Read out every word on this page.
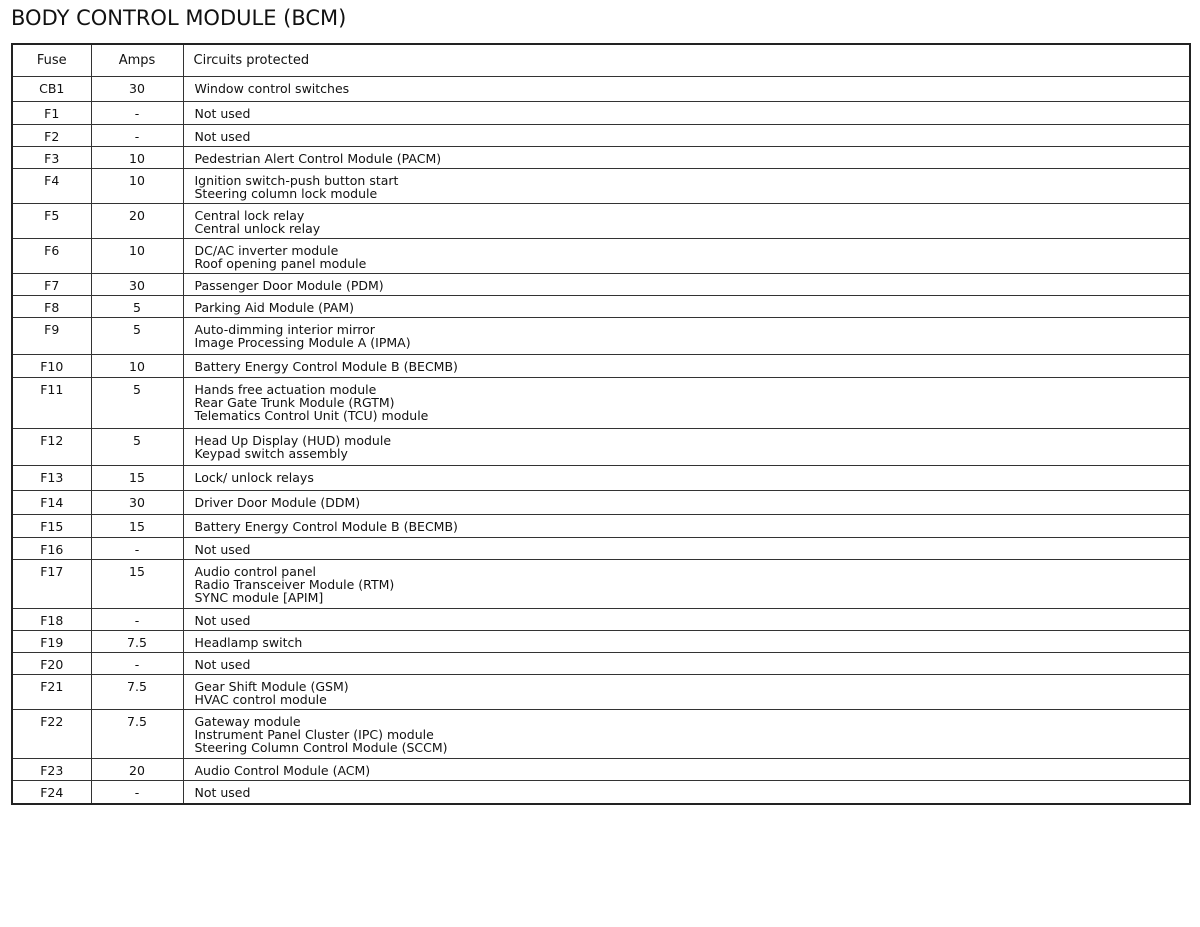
BODY CONTROL MODULE (BCM)
Fuse	Amps	Circuits protected
CB1	30	Window control switches

F1	-	Not used

F2	-	Not used

F3	10	Pedestrian Alert Control Module (PACM)

F4	10	Ignition switch-push button start
Steering column lock module

F5	20	Central lock relay
Central unlock relay

F6	10	DC/AC inverter module
Roof opening panel module

F7	30	Passenger Door Module (PDM)

F8	5	Parking Aid Module (PAM)

F9	5	Auto-dimming interior mirror
Image Processing Module A (IPMA)

F10	10	Battery Energy Control Module B (BECMB)

F11	5	Hands free actuation module
Rear Gate Trunk Module (RGTM)
Telematics Control Unit (TCU) module

F12	5	Head Up Display (HUD) module
Keypad switch assembly

F13	15	Lock/ unlock relays

F14	30	Driver Door Module (DDM)

F15	15	Battery Energy Control Module B (BECMB)

F16	-	Not used

F17	15	Audio control panel
Radio Transceiver Module (RTM)
SYNC module [APIM]

F18	-	Not used

F19	7.5	Headlamp switch

F20	-	Not used

F21	7.5	Gear Shift Module (GSM)
HVAC control module

F22	7.5	Gateway module
Instrument Panel Cluster (IPC) module
Steering Column Control Module (SCCM)

F23	20	Audio Control Module (ACM)

F24	-	Not used
